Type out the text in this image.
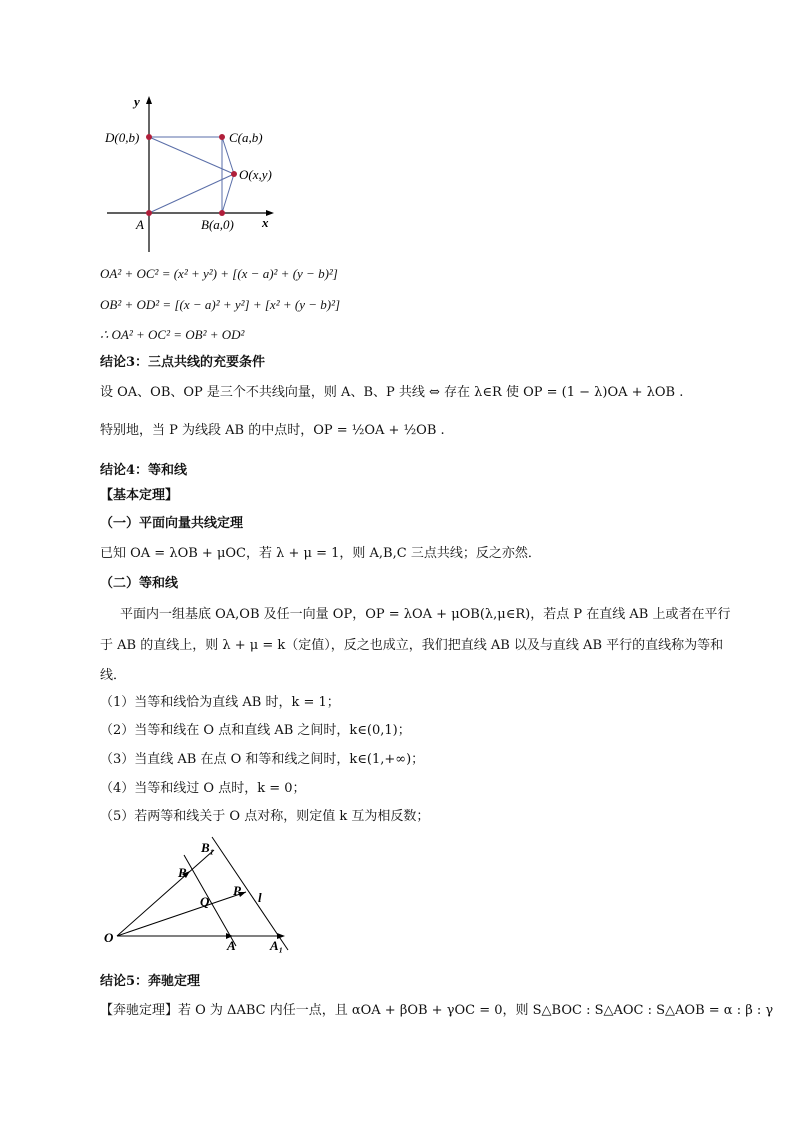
y
x
D(0,b)	C(a,b)
O(x,y)
A	B(a,0)
O
A	A₁
B
B₁
Q
P l
OA² + OC² = (x² + y²) + [(x − a)² + (y − b)²]
OB² + OD² = [(x − a)² + y²] + [x² + (y − b)²]
∴ OA² + OC² = OB² + OD²
结论3：三点共线的充要条件
设 OA、OB、OP 是三个不共线向量，则 A、B、P 共线 ⇔ 存在 λ∈R 使 OP = (1 − λ)OA + λOB .
特别地，当 P 为线段 AB 的中点时，OP = ½OA + ½OB .
结论4：等和线
【基本定理】
（一）平面向量共线定理
已知 OA = λOB + μOC，若 λ + μ = 1，则 A,B,C 三点共线；反之亦然．
（二）等和线
平面内一组基底 OA,OB 及任一向量 OP，OP = λOA + μOB(λ,μ∈R)，若点 P 在直线 AB 上或者在平行
于 AB 的直线上，则 λ + μ = k（定值），反之也成立，我们把直线 AB 以及与直线 AB 平行的直线称为等和
线．
（1）当等和线恰为直线 AB 时，k = 1；
（2）当等和线在 O 点和直线 AB 之间时，k∈(0,1)；
（3）当直线 AB 在点 O 和等和线之间时，k∈(1,+∞)；
（4）当等和线过 O 点时，k = 0；
（5）若两等和线关于 O 点对称，则定值 k 互为相反数；
结论5：奔驰定理
【奔驰定理】若 O 为 ΔABC 内任一点，且 αOA + βOB + γOC = 0，则 S△BOC : S△AOC : S△AOB = α : β : γ
